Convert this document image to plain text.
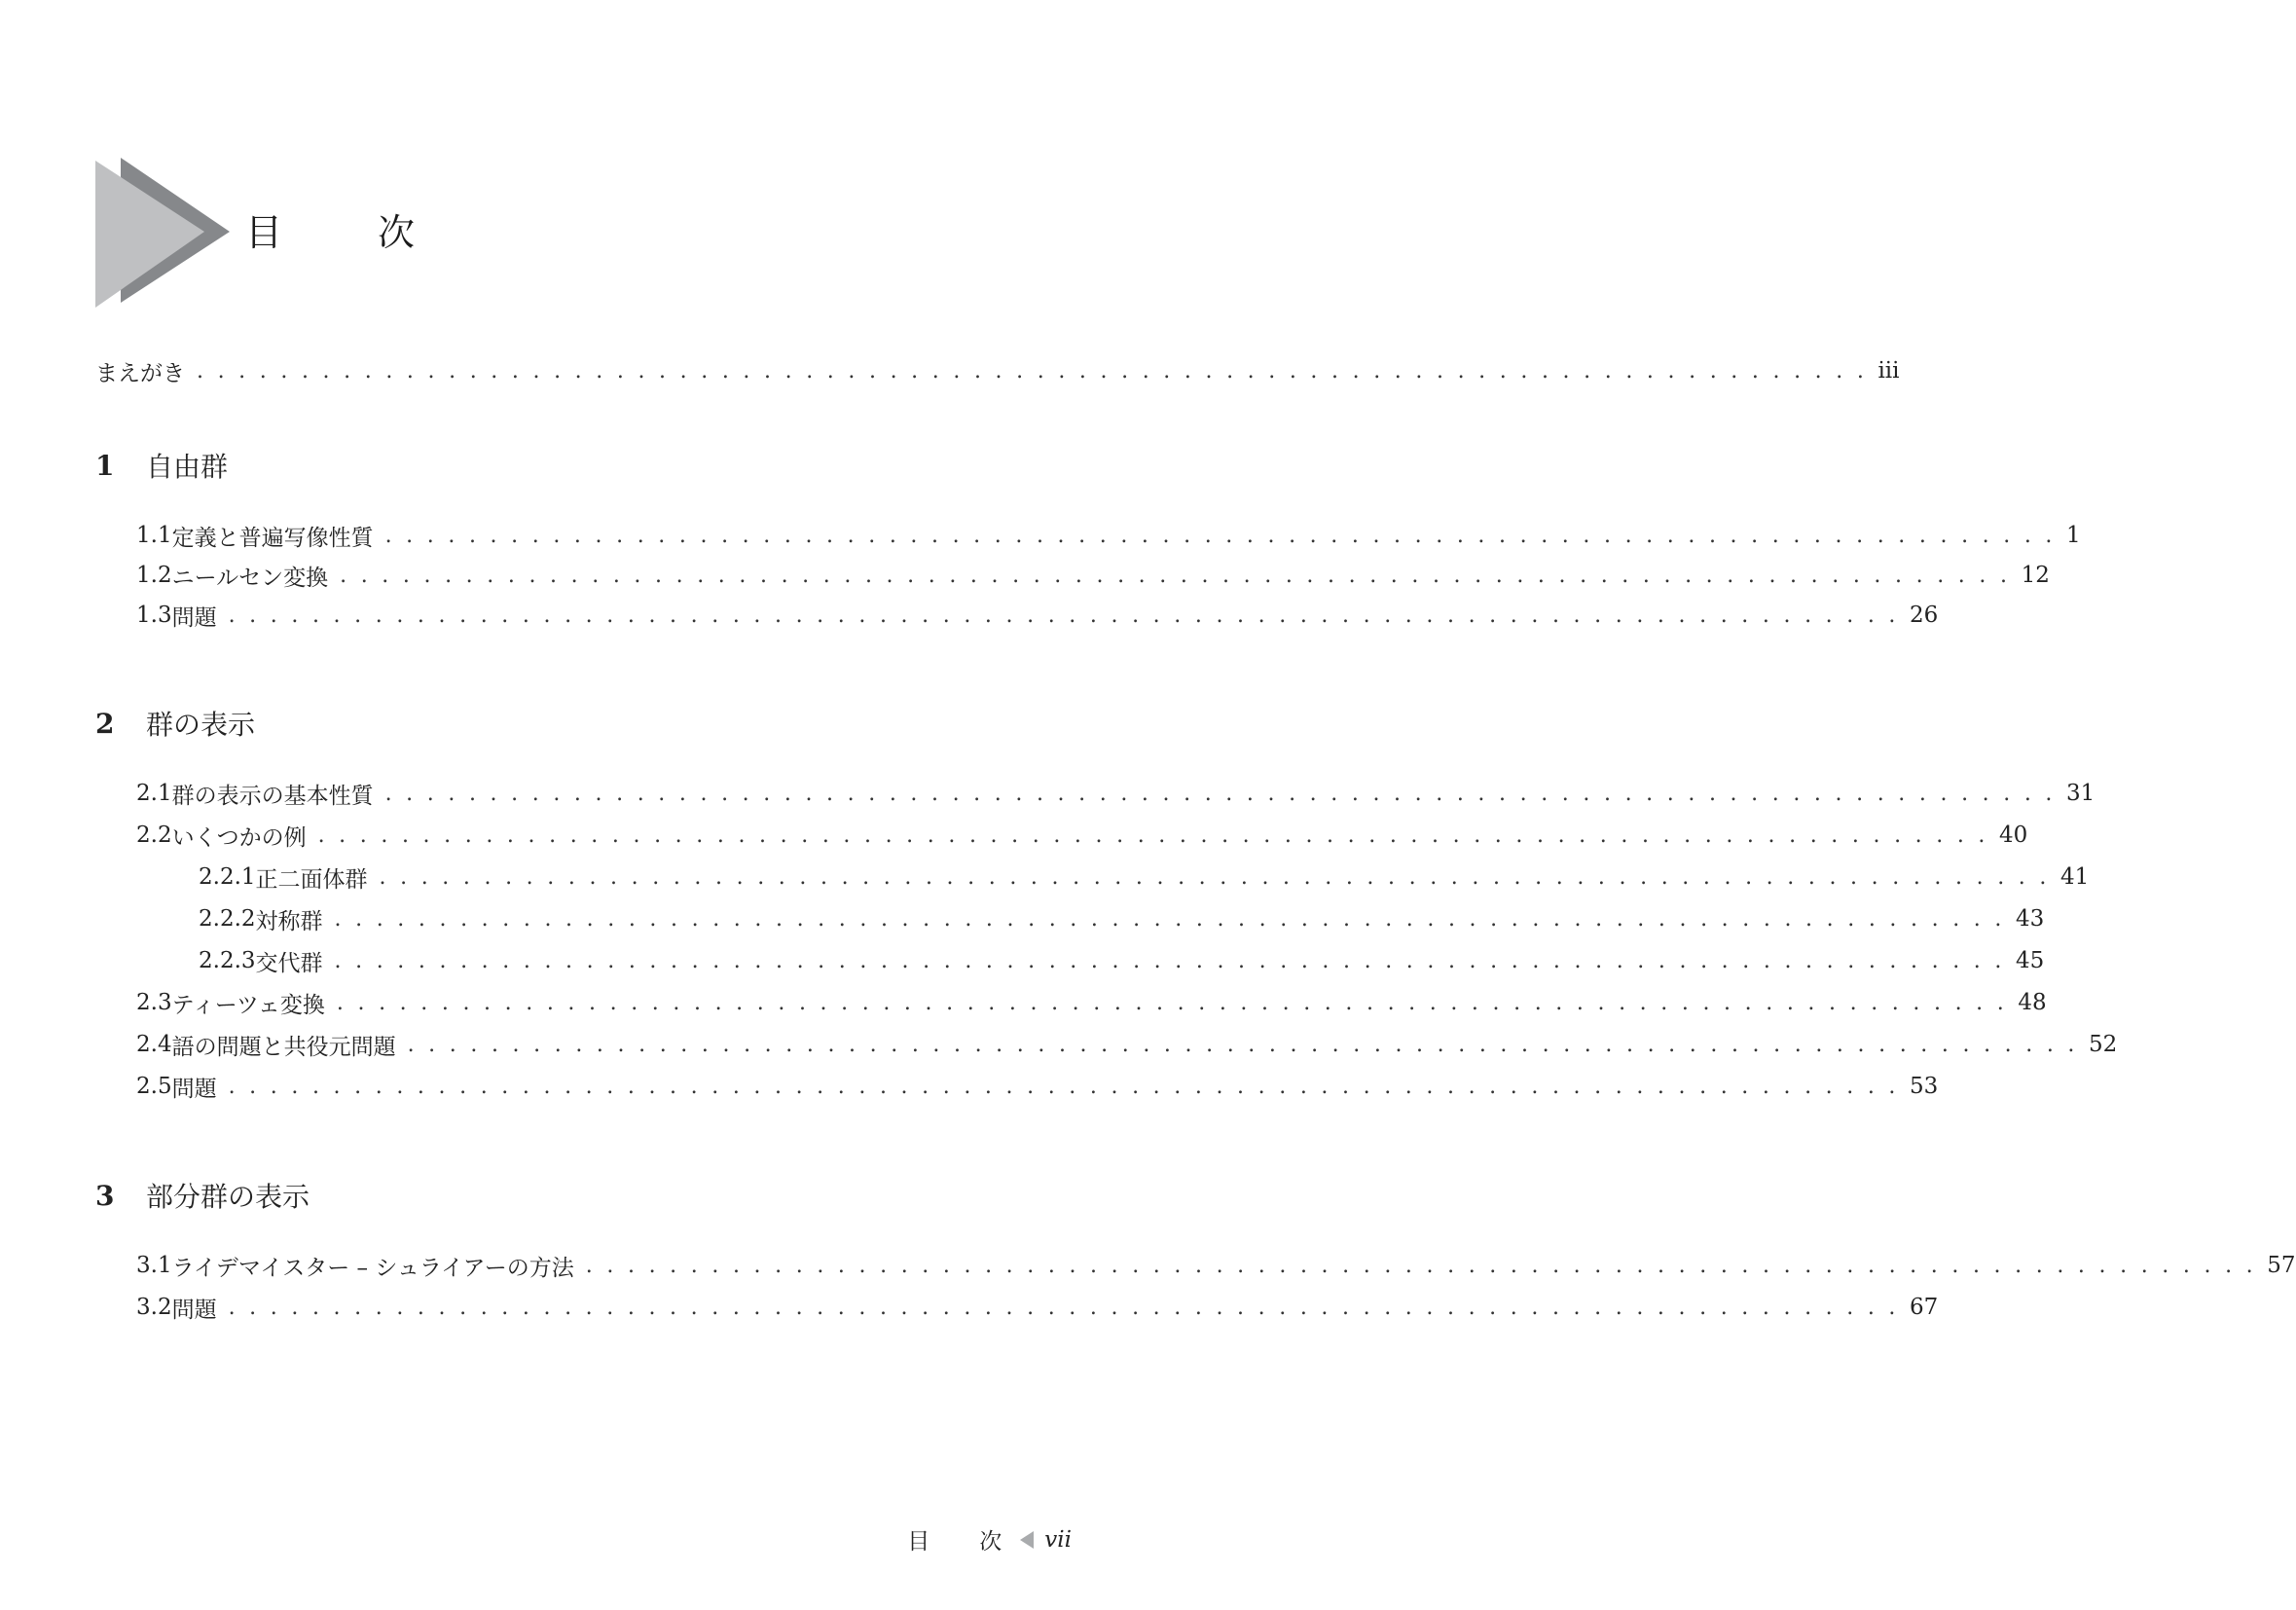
目　次
まえがき ................................................................................ iii
1	自由群
1.1 定義と普遍写像性質 ................................................................................ 1
1.2 ニールセン変換 ................................................................................ 12
1.3 問題 ................................................................................ 26
2	群の表示
2.1 群の表示の基本性質 ................................................................................ 31
2.2 いくつかの例 ................................................................................ 40
2.2.1 正二面体群 ................................................................................ 41
2.2.2 対称群 ................................................................................ 43
2.2.3 交代群 ................................................................................ 45
2.3 ティーツェ変換 ................................................................................ 48
2.4 語の問題と共役元問題 ................................................................................ 52
2.5 問題 ................................................................................ 53
3	部分群の表示
3.1 ライデマイスター – シュライアーの方法 ................................................................................ 57
3.2 問題 ................................................................................ 67
目　次 vii
